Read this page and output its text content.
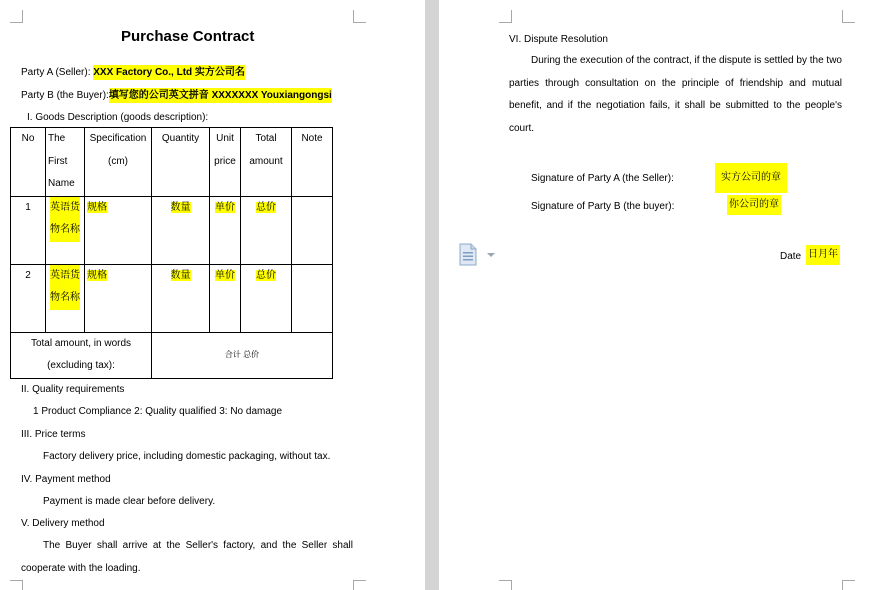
Purchase Contract
Party A (Seller): XXX Factory Co., Ltd 实方公司名
Party B (the Buyer):填写您的公司英文拼音 XXXXXXX Youxiangongsi
I. Goods Description (goods description):
No	The First Name	Specification (cm)	Quantity	Unit price	Total amount	Note
1	英语货物名称	规格	数量	单价	总价	
2	英语货物名称	规格	数量	单价	总价	
Total amount, in words (excluding tax):			合计 总价			
II. Quality requirements
1 Product Compliance 2: Quality qualified 3: No damage
III. Price terms
Factory delivery price, including domestic packaging, without tax.
IV. Payment method
Payment is made clear before delivery.
V. Delivery method
The Buyer shall arrive at the Seller's factory, and the Seller shall cooperate with the loading.
VI. Dispute Resolution
During the execution of the contract, if the dispute is settled by the two parties through consultation on the principle of friendship and mutual benefit, and if the negotiation fails, it shall be submitted to the people's court.
Signature of Party A (the Seller):	实方公司的章
Signature of Party B (the buyer):	你公司的章
Date 日月年
